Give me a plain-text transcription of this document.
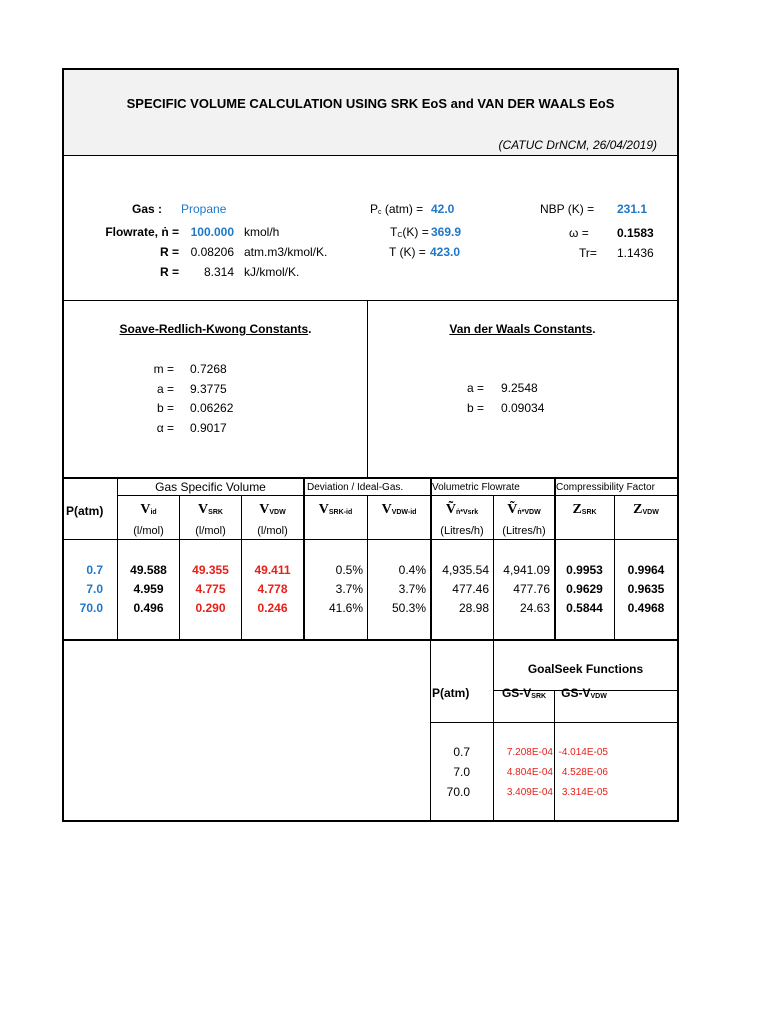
SPECIFIC VOLUME CALCULATION USING SRK EoS and VAN DER WAALS EoS
(CATUC DrNCM, 26/04/2019)
Gas : Propane
Flowrate, ṅ = 100.000 kmol/h
R = 0.08206 atm.m3/kmol/K.
R =	8.314 kJ/kmol/K.
Pc (atm) = 42.0
TC(K) = 369.9
T (K) = 423.0
NBP (K) = 231.1
ω = 0.1583
Tr= 1.1436
Soave-Redlich-Kwong Constants.
m = 0.7268
a = 9.3775
b = 0.06262
α = 0.9017
Van der Waals Constants.
a = 9.2548
b = 0.09034
Gas Specific Volume	Deviation / Ideal-Gas.	Volumetric Flowrate	Compressibility Factor
P(atm)	Vid
(l/mol)
VSRK
(l/mol)
VVDW
(l/mol)
VSRK-id	VVDW-id	Ṽṅ*Vsrk
(Litres/h)
Ṽṅ*VDW
(Litres/h)
ZSRK	ZVDW
0.7	49.588	49.355	49.411	0.5%	0.4%	4,935.54	4,941.09	0.9953	0.9964
7.0	4.959	4.775	4.778	3.7%	3.7%	477.46	477.76	0.9629	0.9635
70.0	0.496	0.290	0.246	41.6%	50.3%	28.98	24.63	0.5844	0.4968
GoalSeek Functions
P(atm)	GS-VSRK	GS-VVDW
0.7	7.208E-04 -4.014E-05
7.0	4.804E-04 4.528E-06
70.0	3.409E-04 3.314E-05
